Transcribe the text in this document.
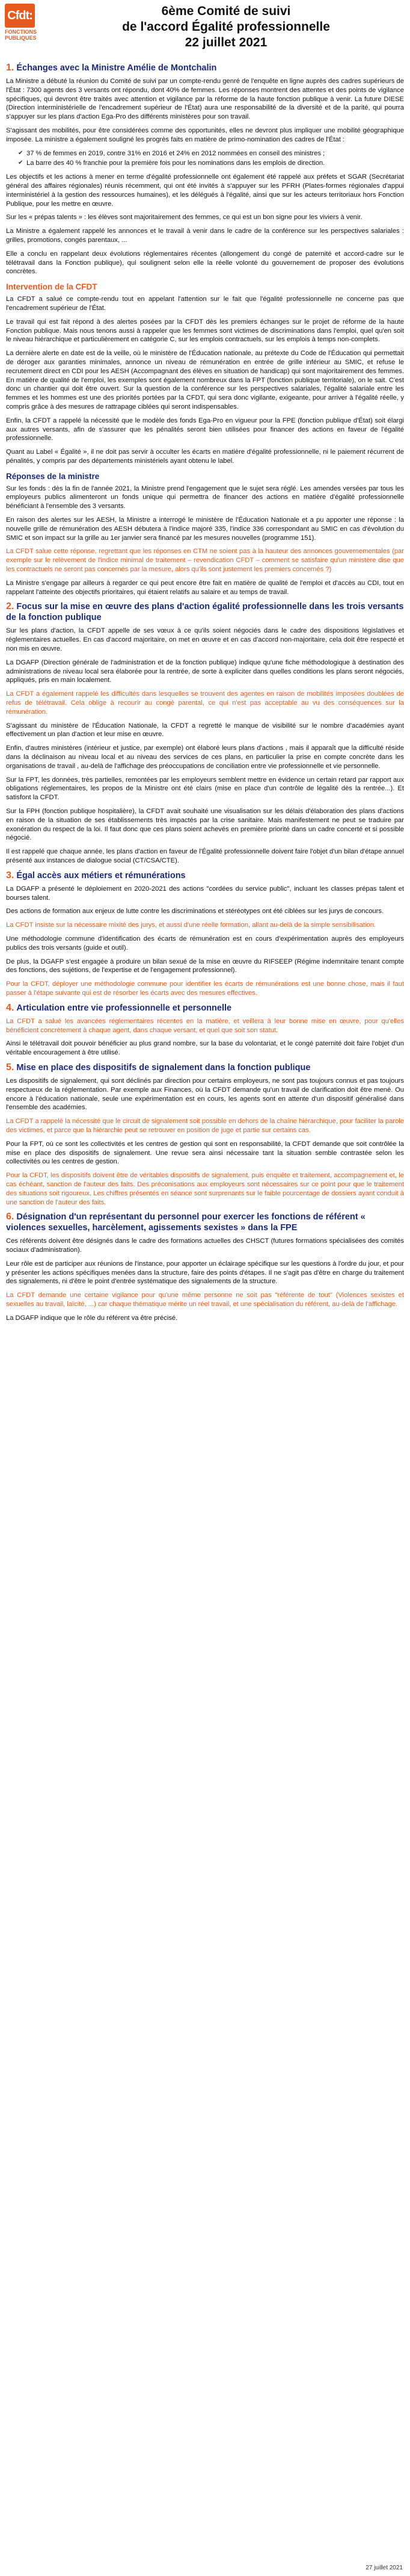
Cfdt:
FONCTIONS PUBLIQUES
6ème Comité de suivi
de l'accord Égalité professionnelle
22 juillet 2021
1. Échanges avec la Ministre Amélie de Montchalin

La Ministre a débuté la réunion du Comité de suivi par un compte-rendu genré de l'enquête en ligne auprès des cadres supérieurs de l'État : 7300 agents des 3 versants ont répondu, dont 40% de femmes. Les réponses montrent des attentes et des points de vigilance spécifiques, qui devront être traités avec attention et vigilance par la réforme de la haute fonction publique à venir. La future DIESE (Direction interministérielle de l'encadrement supérieur de l'État) aura une responsabilité de la diversité et de la parité, qui pourra s'appuyer sur les plans d'action Ega-Pro des différents ministères pour son travail.

S'agissant des mobilités, pour être considérées comme des opportunités, elles ne devront plus impliquer une mobilité géographique imposée. La ministre a également souligné les progrès faits en matière de primo-nomination des cadres de l'État :

✔ 37 % de femmes en 2019, contre 31% en 2016 et 24% en 2012 nommées en conseil des ministres ;
✔ La barre des 40 % franchie pour la première fois pour les nominations dans les emplois de direction.

Les objectifs et les actions à mener en terme d'égalité professionnelle ont également été rappelé aux préfets et SGAR (Secrétariat général des affaires régionales) réunis récemment, qui ont été invités à s'appuyer sur les PFRH (Plates-formes régionales d'appui interministériel à la gestion des ressources humaines), et les délégués à l'égalité, ainsi que sur les acteurs territoriaux hors Fonction Publique, pour les mettre en œuvre.

Sur les « prépas talents » : les élèves sont majoritairement des femmes, ce qui est un bon signe pour les viviers à venir.

La Ministre a également rappelé les annonces et le travail à venir dans le cadre de la conférence sur les perspectives salariales : grilles, promotions, congés parentaux, ...

Elle a conclu en rappelant deux évolutions réglementaires récentes (allongement du congé de paternité et accord-cadre sur le télétravail dans la Fonction publique), qui soulignent selon elle la réelle volonté du gouvernement de proposer des évolutions concrètes.

Intervention de la CFDT

La CFDT a salué ce compte-rendu tout en appelant l'attention sur le fait que l'égalité professionnelle ne concerne pas que l'encadrement supérieur de l'État.

Le travail qui est fait répond à des alertes posées par la CFDT dès les premiers échanges sur le projet de réforme de la haute Fonction publique. Mais nous tenons aussi à rappeler que les femmes sont victimes de discriminations dans l'emploi, quel qu'en soit le niveau hiérarchique et particulièrement en catégorie C, sur les emplois contractuels, sur les emplois à temps non-complets.

La dernière alerte en date est de la veille, où le ministère de l'Éducation nationale, au prétexte du Code de l'Éducation qui permettait de déroger aux garanties minimales, annonce un niveau de rémunération en entrée de grille inférieur au SMIC, et refuse le recrutement direct en CDI pour les AESH (Accompagnant des élèves en situation de handicap) qui sont majoritairement des femmes. En matière de qualité de l'emploi, les exemples sont également nombreux dans la FPT (fonction publique territoriale), on le sait. C'est donc un chantier qui doit être ouvert. Sur la question de la conférence sur les perspectives salariales, l'égalité salariale entre les femmes et les hommes est une des priorités portées par la CFDT, qui sera donc vigilante, exigeante, pour arriver à l'égalité réelle, y compris grâce à des mesures de rattrapage ciblées qui seront indispensables.

Enfin, la CFDT a rappelé la nécessité que le modèle des fonds Ega-Pro en vigueur pour la FPE (fonction publique d'État) soit élargi aux autres versants, afin de s'assurer que les pénalités seront bien utilisées pour financer des actions en faveur de l'égalité professionnelle.

Quant au Label « Égalité », il ne doit pas servir à occulter les écarts en matière d'égalité professionnelle, ni le paiement récurrent de pénalités, y compris par des départements ministériels ayant obtenu le label.

Réponses de la ministre

Sur les fonds : dès la fin de l'année 2021, la Ministre prend l'engagement que le sujet sera réglé. Les amendes versées par tous les employeurs publics alimenteront un fonds unique qui permettra de financer des actions en matière d'égalité professionnelle bénéficiant à l'ensemble des 3 versants.

En raison des alertes sur les AESH, la Ministre a interrogé le ministère de l'Éducation Nationale et a pu apporter une réponse : la nouvelle grille de rémunération des AESH débutera à l'indice majoré 335, l'indice 336 correspondant au SMIC en cas d'évolution du SMIC et son impact sur la grille au 1er janvier sera financé par les mesures nouvelles (programme 151).

La CFDT salue cette réponse, regrettant que les réponses en CTM ne soient pas à la hauteur des annonces gouvernementales (par exemple sur le relèvement de l'indice minimal de traitement – revendication CFDT – comment se satisfaire qu'un ministère dise que les contractuels ne seront pas concernés par la mesure, alors qu'ils sont justement les premiers concernés ?)

La Ministre s'engage par ailleurs à regarder ce qui peut encore être fait en matière de qualité de l'emploi et d'accès au CDI, tout en rappelant l'atteinte des objectifs prioritaires, qui étaient relatifs au salaire et au temps de travail.

2. Focus sur la mise en œuvre des plans d'action égalité professionnelle dans les trois versants de la fonction publique

Sur les plans d'action, la CFDT appelle de ses vœux à ce qu'ils soient négociés dans le cadre des dispositions législatives et réglementaires actuelles. En cas d'accord majoritaire, on met en œuvre et en cas d'accord non-majoritaire, cela doit être respecté et non mis en œuvre.

La DGAFP (Direction générale de l'administration et de la fonction publique) indique qu'une fiche méthodologique à destination des administrations de niveau local sera élaborée pour la rentrée, de sorte à expliciter dans quelles conditions les plans seront négociés, appliqués, pris en main localement.

La CFDT a également rappelé les difficultés dans lesquelles se trouvent des agentes en raison de mobilités imposées doublées de refus de télétravail. Cela oblige à recourir au congé parental, ce qui n'est pas acceptable au vu des conséquences sur la rémunération.

S'agissant du ministère de l'Éducation Nationale, la CFDT a regretté le manque de visibilité sur le nombre d'académies ayant effectivement un plan d'action et leur mise en œuvre.

Enfin, d'autres ministères (intérieur et justice, par exemple) ont élaboré leurs plans d'actions , mais il apparaît que la difficulté réside dans la déclinaison au niveau local et au niveau des services de ces plans, en particulier la prise en compte concrète dans les organisations de travail , au-delà de l'affichage des préoccupations de conciliation entre vie professionnelle et vie personnelle.

Sur la FPT, les données, très partielles, remontées par les employeurs semblent mettre en évidence un certain retard par rapport aux obligations réglementaires, les propos de la Ministre ont été clairs (mise en place d'un contrôle de légalité dès la rentrée...). Et satisfont la CFDT.

Sur la FPH (fonction publique hospitalière), la CFDT avait souhaité une visualisation sur les délais d'élaboration des plans d'actions en raison de la situation de ses établissements très impactés par la crise sanitaire. Mais manifestement ne peut se traduire par exonération du respect de la loi. Il faut donc que ces plans soient achevés en première priorité dans un cadre concerté et si possible négocié.

Il est rappelé que chaque année, les plans d'action en faveur de l'Égalité professionnelle doivent faire l'objet d'un bilan d'étape annuel présenté aux instances de dialogue social (CT/CSA/CTE).

3. Égal accès aux métiers et rémunérations

La DGAFP a présenté le déploiement en 2020-2021 des actions "cordées du service public", incluant les classes prépas talent et bourses talent.

Des actions de formation aux enjeux de lutte contre les discriminations et stéréotypes ont été ciblées sur les jurys de concours.

La CFDT insiste sur la nécessaire mixité des jurys, et aussi d'une réelle formation, allant au-delà de la simple sensibilisation.

Une méthodologie commune d'identification des écarts de rémunération est en cours d'expérimentation auprès des employeurs publics des trois versants (guide et outil).

De plus, la DGAFP s'est engagée à produire un bilan sexué de la mise en œuvre du RIFSEEP (Régime indemnitaire tenant compte des fonctions, des sujétions, de l'expertise et de l'engagement professionnel).

Pour la CFDT, déployer une méthodologie commune pour identifier les écarts de rémunérations est une bonne chose, mais il faut passer à l'étape suivante qui est de résorber les écarts avec des mesures effectives.

4. Articulation entre vie professionnelle et personnelle

La CFDT a salué les avancées réglementaires récentes en la matière, et veillera à leur bonne mise en œuvre, pour qu'elles bénéficient concrètement à chaque agent, dans chaque versant, et quel que soit son statut.

Ainsi le télétravail doit pouvoir bénéficier au plus grand nombre, sur la base du volontariat, et le congé paternité doit faire l'objet d'un véritable encouragement à être utilisé.

5. Mise en place des dispositifs de signalement dans la fonction publique

Les dispositifs de signalement, qui sont déclinés par direction pour certains employeurs, ne sont pas toujours connus et pas toujours respectueux de la réglementation. Par exemple aux Finances, où la CFDT demande qu'un travail de clarification doit être mené. Ou encore à l'éducation nationale, seule une expérimentation est en cours, les agents sont en attente d'un dispositif généralisé dans l'ensemble des académies.

La CFDT a rappelé la nécessité que le circuit de signalement soit possible en dehors de la chaîne hiérarchique, pour faciliter la parole des victimes, et parce que la hiérarchie peut se retrouver en position de juge et partie sur certains cas.

Pour la FPT, où ce sont les collectivités et les centres de gestion qui sont en responsabilité, la CFDT demande que soit contrôlée la mise en place des dispositifs de signalement. Une revue sera ainsi nécessaire tant la situation semble contrastée selon les collectivités ou les centres de gestion.

Pour la CFDT, les dispositifs doivent être de véritables dispositifs de signalement, puis enquête et traitement, accompagnement et, le cas échéant, sanction de l'auteur des faits. Des préconisations aux employeurs sont nécessaires sur ce point pour que le traitement des situations soit rigoureux. Les chiffres présentés en séance sont surprenants sur le faible pourcentage de dossiers ayant conduit à une sanction de l'auteur des faits.

6. Désignation d'un représentant du personnel pour exercer les fonctions de référent « violences sexuelles, harcèlement, agissements sexistes » dans la FPE

Ces référents doivent être désignés dans le cadre des formations actuelles des CHSCT (futures formations spécialisées des comités sociaux d'administration).

Leur rôle est de participer aux réunions de l'instance, pour apporter un éclairage spécifique sur les questions à l'ordre du jour, et pour y présenter les actions spécifiques menées dans la structure, faire des points d'étapes. Il ne s'agit pas d'être en charge du traitement des signalements, ni d'être le point d'entrée systématique des signalements de la structure.

La CFDT demande une certaine vigilance pour qu'une même personne ne soit pas "référente de tout" (Violences sexistes et sexuelles au travail, laïcité, ...) car chaque thématique mérite un réel travail, et une spécialisation du référent, au-delà de l'affichage.

La DGAFP indique que le rôle du référent va être précisé.

27 juillet 2021
